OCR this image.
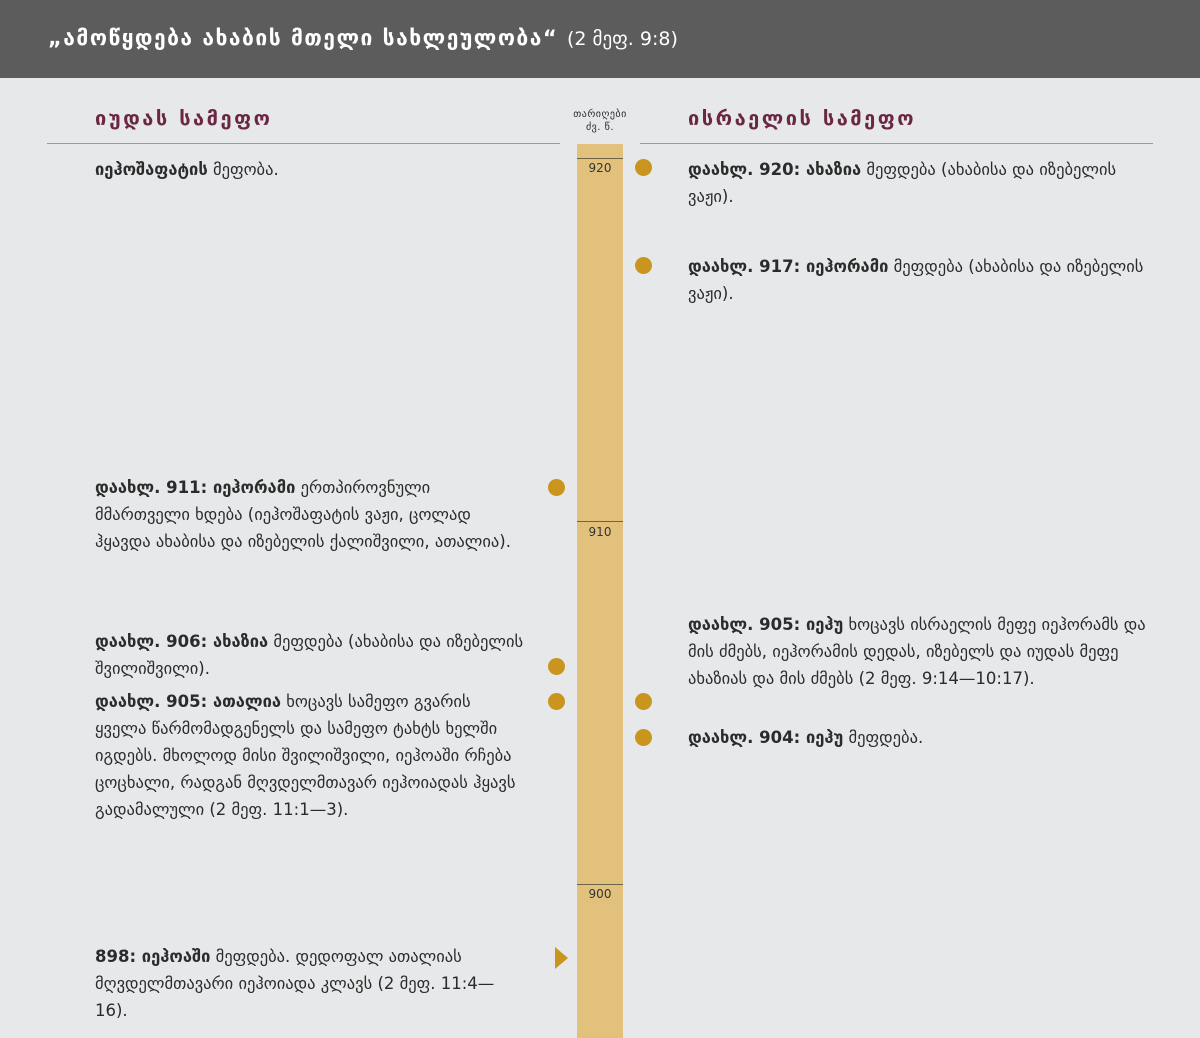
„ამოწყდება ახაბის მთელი სახლეულობა“ (2 მეფ. 9:8)
იუდას სამეფო	ისრაელის სამეფო
თარიღები
ძვ. წ.
920
910
900
იეჰოშაფატის მეფობა.
დაახლ. 911: იეჰორამი ერთპიროვნული მმართველი ხდება (იეჰოშაფატის ვაჟი, ცოლად ჰყავდა ახაბისა და იზებელის ქალიშვილი, ათალია).
დაახლ. 906: ახაზია მეფდება (ახაბისა და იზებელის შვილიშვილი).
დაახლ. 905: ათალია ხოცავს სამეფო გვარის ყველა წარმომადგენელს და სამეფო ტახტს ხელში იგდებს. მხოლოდ მისი შვილიშვილი, იეჰოაში რჩება ცოცხალი, რადგან მღვდელმთავარ იეჰოიადას ჰყავს გადამალული (2 მეფ. 11:1—3).
898: იეჰოაში მეფდება. დედოფალ ათალიას მღვდელმთავარი იეჰოიადა კლავს (2 მეფ. 11:4—16).
დაახლ. 920: ახაზია მეფდება (ახაბისა და იზებელის ვაჟი).
დაახლ. 917: იეჰორამი მეფდება (ახაბისა და იზებელის ვაჟი).
დაახლ. 905: იეჰუ ხოცავს ისრაელის მეფე იეჰორამს და მის ძმებს, იეჰორამის დედას, იზებელს და იუდას მეფე ახაზიას და მის ძმებს (2 მეფ. 9:14—10:17).
დაახლ. 904: იეჰუ მეფდება.
